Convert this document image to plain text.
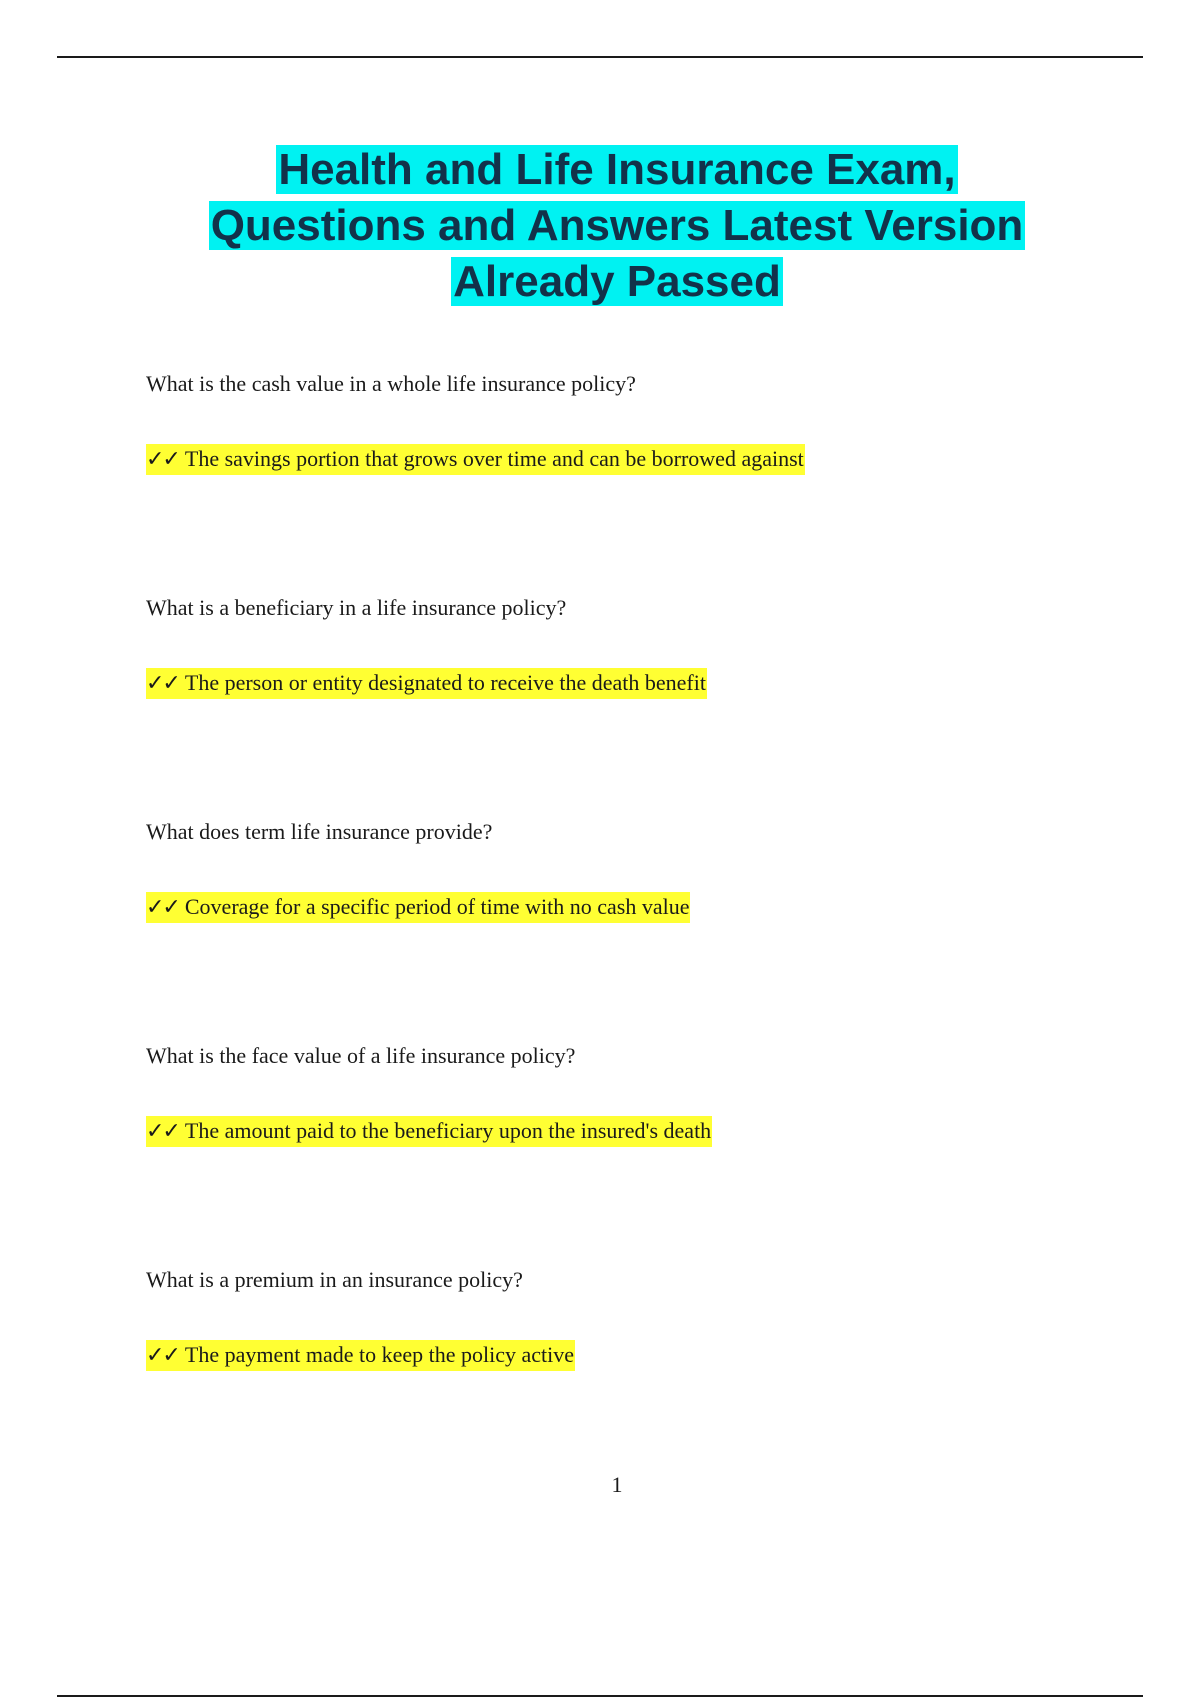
Health and Life Insurance Exam,
Questions and Answers Latest Version
Already Passed
What is the cash value in a whole life insurance policy?
✓✓ The savings portion that grows over time and can be borrowed against
What is a beneficiary in a life insurance policy?
✓✓ The person or entity designated to receive the death benefit
What does term life insurance provide?
✓✓ Coverage for a specific period of time with no cash value
What is the face value of a life insurance policy?
✓✓ The amount paid to the beneficiary upon the insured's death
What is a premium in an insurance policy?
✓✓ The payment made to keep the policy active
1
